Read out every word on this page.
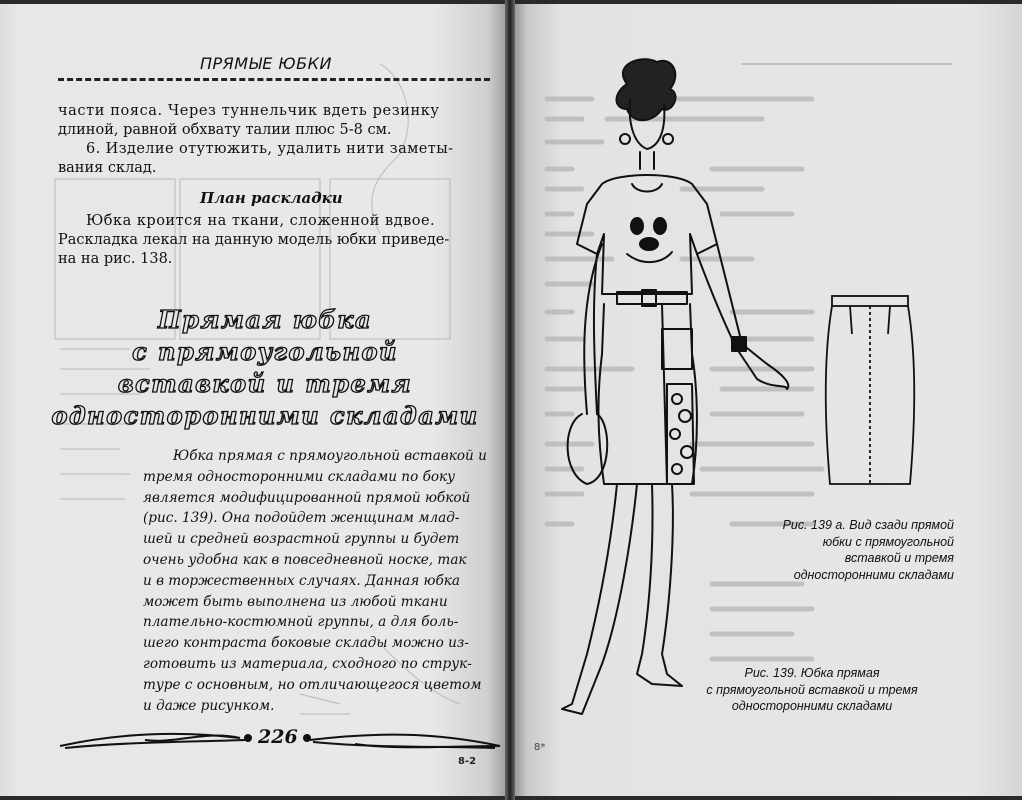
ПРЯМЫЕ ЮБКИ
части пояса. Через туннельчик вдеть резинку
длиной, равной обхвату талии плюс 5-8 см.
6. Изделие отутюжить, удалить нити заметы-
вания склад.
План раскладки
Юбка кроится на ткани, сложенной вдвое.
Раскладка лекал на данную модель юбки приведе-
на на рис. 138.
Прямая юбка
с прямоугольной
вставкой и тремя
односторонними складами
Юбка прямая с прямоугольной вставкой и
тремя односторонними складами по боку
является модифицированной прямой юбкой
(рис. 139). Она подойдет женщинам млад-
шей и средней возрастной группы и будет
очень удобна как в повседневной носке, так
и в торжественных случаях. Данная юбка
может быть выполнена из любой ткани
плательно-костюмной группы, а для боль-
шего контраста боковые склады можно из-
готовить из материала, сходного по струк-
туре с основным, но отличающегося цветом
и даже рисунком.
226
8-2
Рис. 139 а. Вид сзади прямой
юбки с прямоугольной
вставкой и тремя
односторонними складами
Рис. 139. Юбка прямая
с прямоугольной вставкой и тремя
односторонними складами
8*
